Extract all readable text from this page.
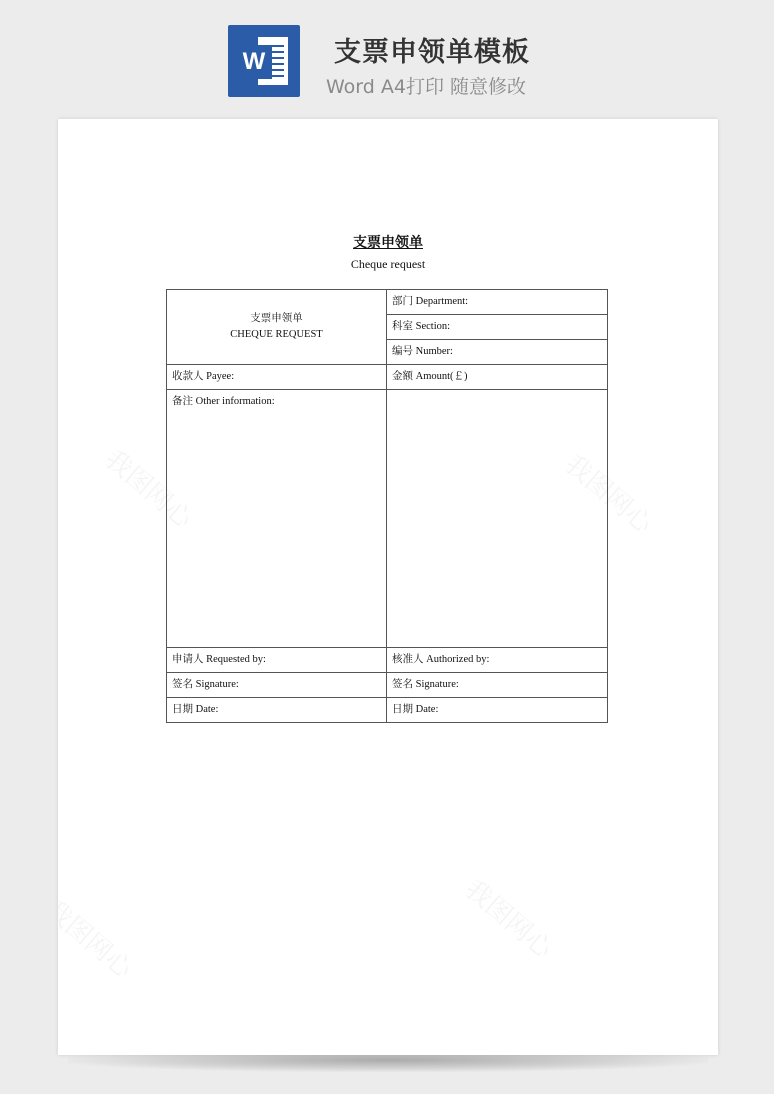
W	支票申领单模板
Word A4打印 随意修改
支票申领单
Cheque request
支票申领单
CHEQUE REQUEST	部门 Department:
	科室 Section:
	编号 Number:
收款人 Payee:	金额 Amount(￡)
备注 Other information:	
申请人 Requested by:	核准人 Authorized by:
签名 Signature:	签名 Signature:
日期 Date:	日期 Date:
